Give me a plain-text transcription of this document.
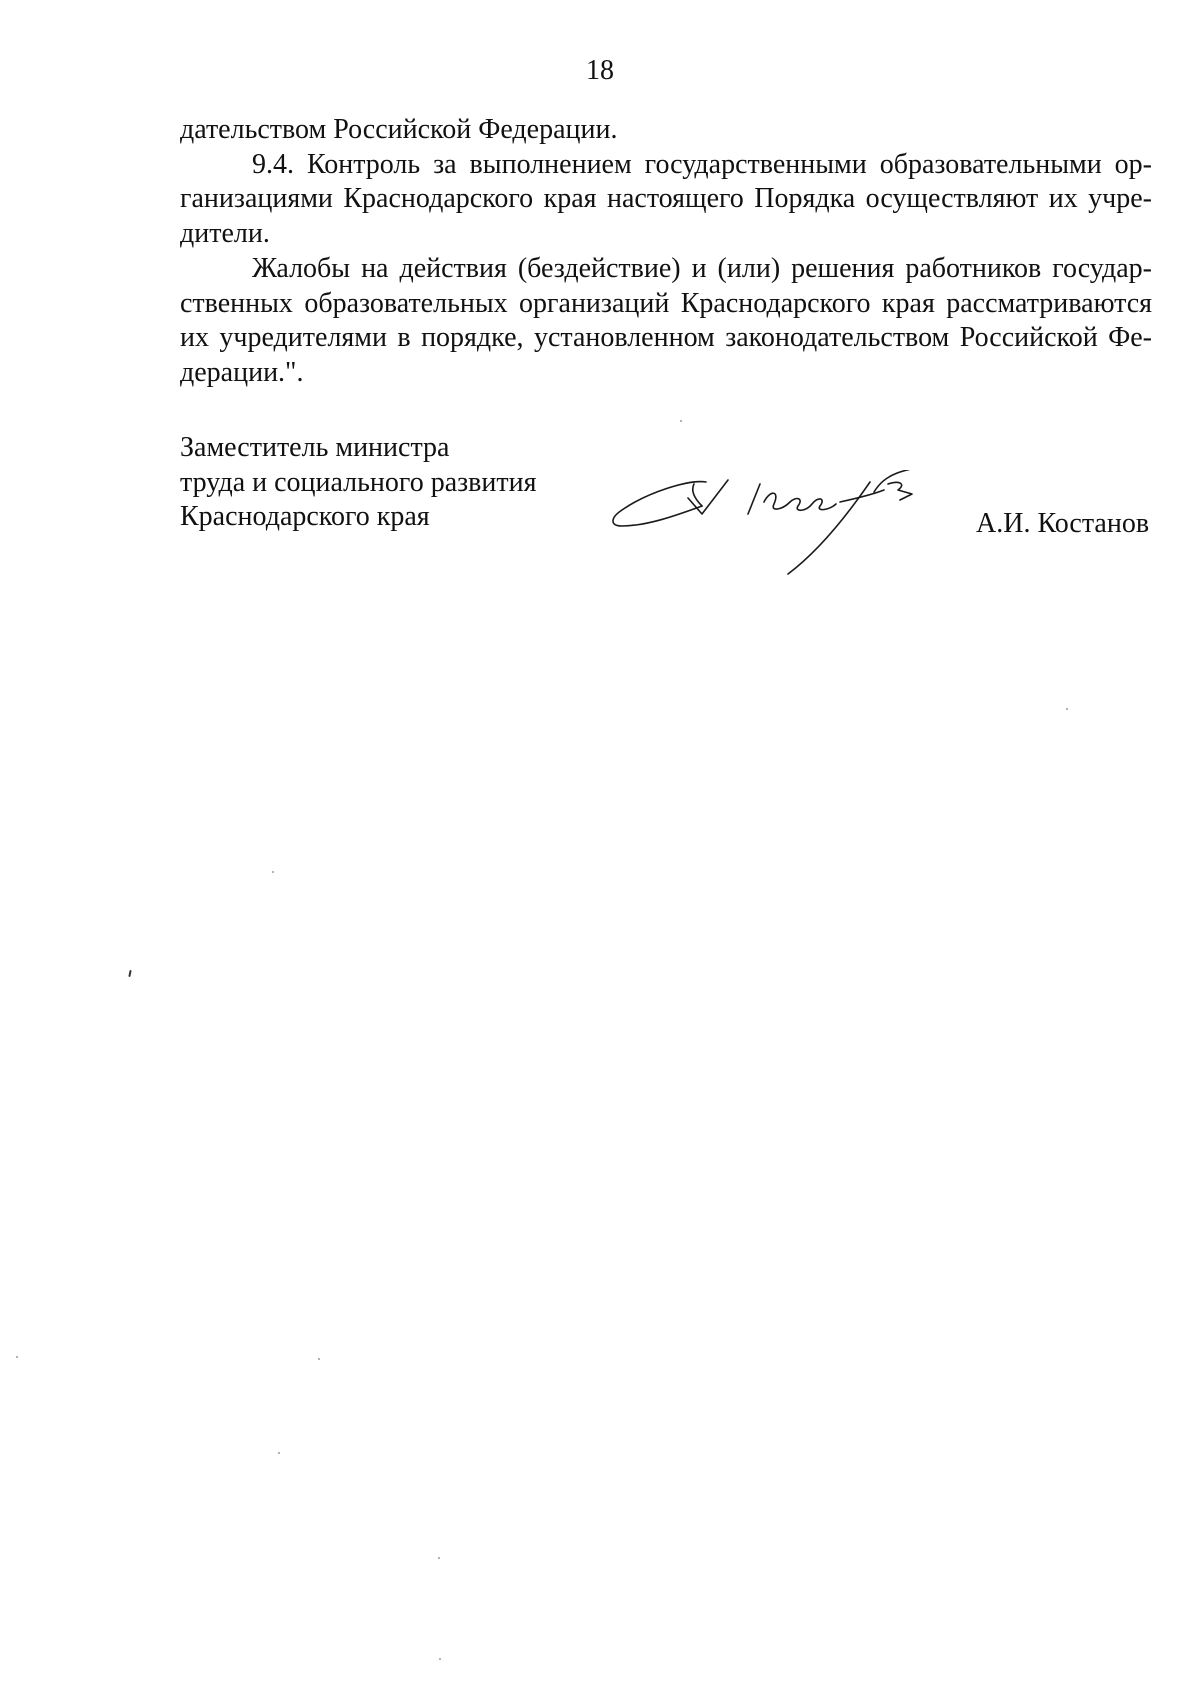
18
дательством Российской Федерации.
9.4. Контроль за выполнением государственными образовательными ор-
ганизациями Краснодарского края настоящего Порядка осуществляют их учре-
дители.
Жалобы на действия (бездействие) и (или) решения работников государ-
ственных образовательных организаций Краснодарского края рассматриваются
их учредителями в порядке, установленном законодательством Российской Фе-
дерации.".
Заместитель министра
труда и социального развития
Краснодарского края	А.И. Костанов
